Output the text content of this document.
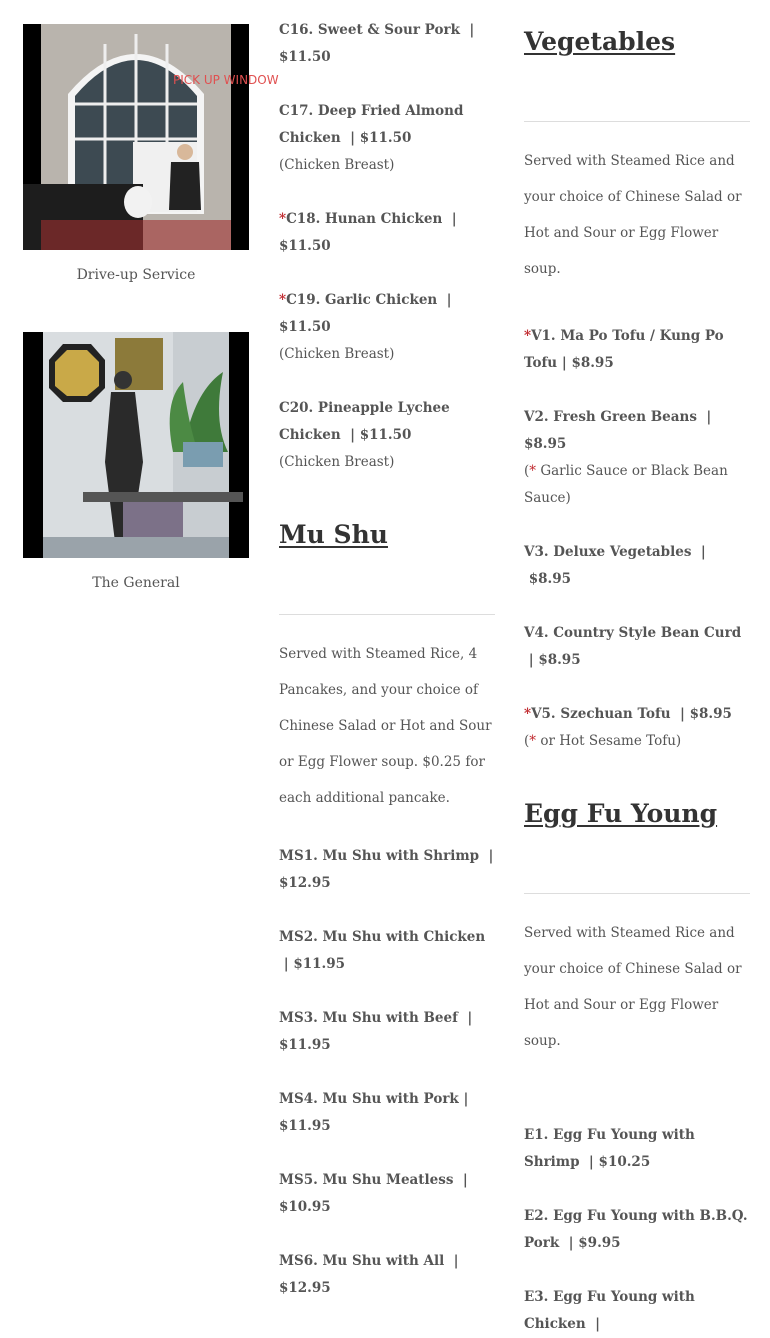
PICK UP WINDOW
Drive-up Service
The General
C16. Sweet & Sour Pork  | $11.50
C17. Deep Fried Almond Chicken  | $11.50
(Chicken Breast)
*C18. Hunan Chicken  | $11.50
*C19. Garlic Chicken  | $11.50
(Chicken Breast)
C20. Pineapple Lychee Chicken  | $11.50
(Chicken Breast)
Mu Shu
Served with Steamed Rice, 4 Pancakes, and your choice of Chinese Salad or Hot and Sour or Egg Flower soup. $0.25 for each additional pancake.
MS1. Mu Shu with Shrimp  | $12.95
MS2. Mu Shu with Chicken  | $11.95
MS3. Mu Shu with Beef  | $11.95
MS4. Mu Shu with Pork | $11.95
MS5. Mu Shu Meatless  | $10.95
MS6. Mu Shu with All  | $12.95
Vegetables
Served with Steamed Rice and your choice of Chinese Salad or Hot and Sour or Egg Flower soup.
*V1. Ma Po Tofu / Kung Po Tofu | $8.95
V2. Fresh Green Beans  | $8.95
(* Garlic Sauce or Black Bean Sauce)
V3. Deluxe Vegetables  |  $8.95
V4. Country Style Bean Curd  | $8.95
*V5. Szechuan Tofu  | $8.95
(* or Hot Sesame Tofu)
Egg Fu Young
Served with Steamed Rice and your choice of Chinese Salad or Hot and Sour or Egg Flower soup.
E1. Egg Fu Young with Shrimp  | $10.25
E2. Egg Fu Young with B.B.Q. Pork  | $9.95
E3. Egg Fu Young with Chicken  |
